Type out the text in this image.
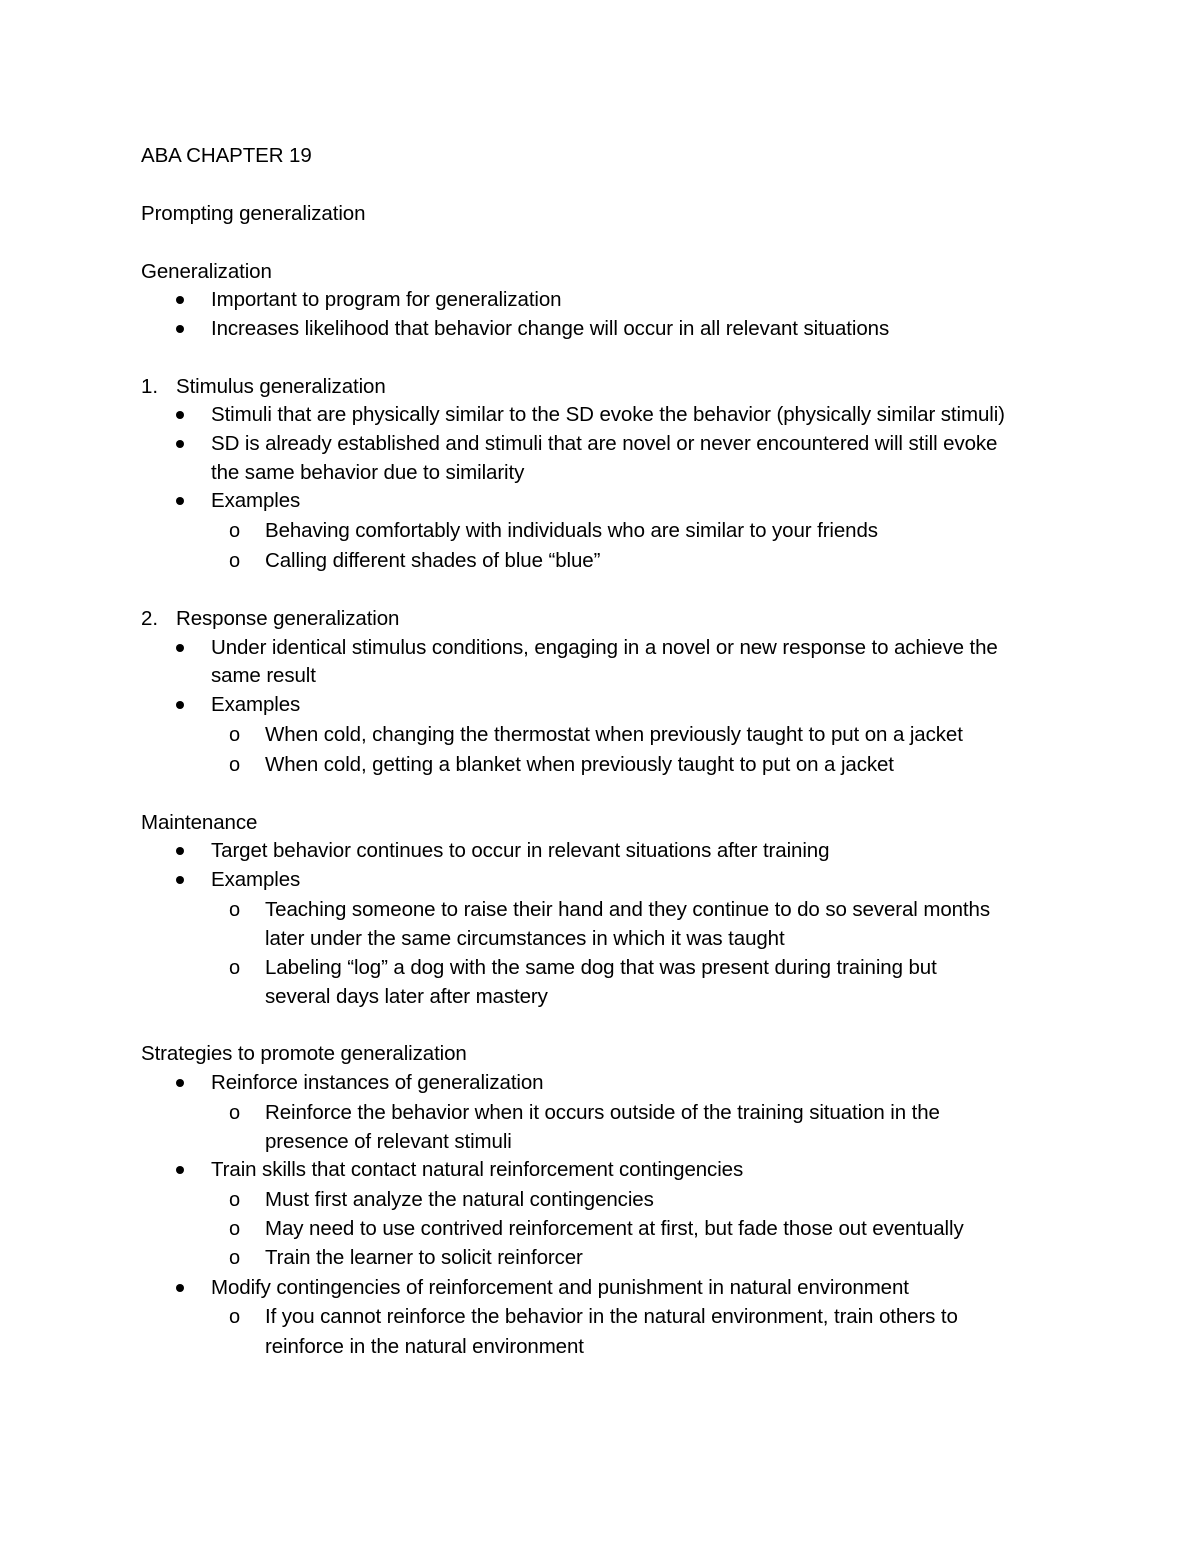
ABA CHAPTER 19
Prompting generalization
Generalization
Important to program for generalization
Increases likelihood that behavior change will occur in all relevant situations
1. Stimulus generalization
Stimuli that are physically similar to the SD evoke the behavior (physically similar stimuli)
SD is already established and stimuli that are novel or never encountered will still evoke
the same behavior due to similarity
Examples
o Behaving comfortably with individuals who are similar to your friends
o Calling different shades of blue “blue”
2. Response generalization
Under identical stimulus conditions, engaging in a novel or new response to achieve the
same result
Examples
o When cold, changing the thermostat when previously taught to put on a jacket
o When cold, getting a blanket when previously taught to put on a jacket
Maintenance
Target behavior continues to occur in relevant situations after training
Examples
o Teaching someone to raise their hand and they continue to do so several months
later under the same circumstances in which it was taught
o Labeling “log” a dog with the same dog that was present during training but
several days later after mastery
Strategies to promote generalization
Reinforce instances of generalization
o Reinforce the behavior when it occurs outside of the training situation in the
presence of relevant stimuli
Train skills that contact natural reinforcement contingencies
o Must first analyze the natural contingencies
o May need to use contrived reinforcement at first, but fade those out eventually
o Train the learner to solicit reinforcer
Modify contingencies of reinforcement and punishment in natural environment
o If you cannot reinforce the behavior in the natural environment, train others to
reinforce in the natural environment
